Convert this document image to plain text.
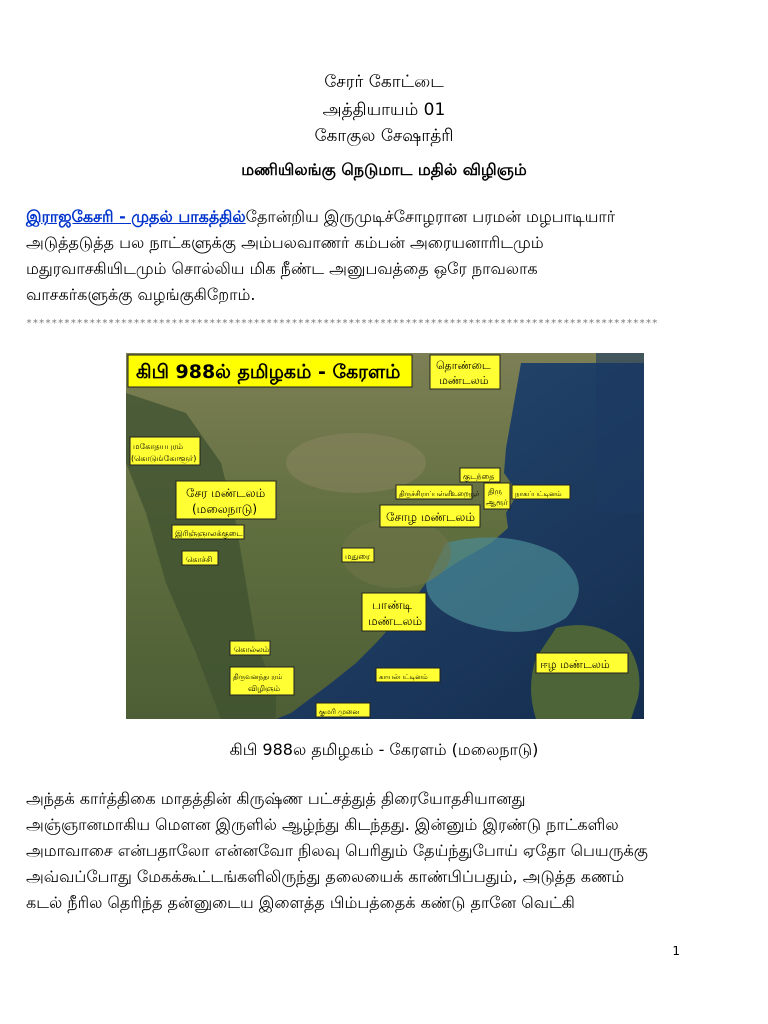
சேரர் கோட்டை
அத்தியாயம் 01
கோகுல சேஷாத்ரி
மணியிலங்கு நெடுமாட மதில் விழிஞம்
இராஜகேசரி - முதல் பாகத்தில்தோன்றிய இருமுடிச்சோழரான பரமன் மழபாடியார்
அடுத்தடுத்த பல நாட்களுக்கு அம்பலவாணர் கம்பன் அரையனாரிடமும்
மதுரவாசகியிடமும் சொல்லிய மிக நீண்ட அனுபவத்தை ஒரே நாவலாக
வாசகர்களுக்கு வழங்குகிறோம்.
****************************************************************************************************
கிபி 988ல் தமிழகம் - கேரளம்	தொண்டை
மண்டலம்
மகோதயபுரம்
(கொடுங்கோளூர்)
சேர மண்டலம்
(மலைநாடு)
இரிஞ்ஞாலக்குடை
கொச்சி
குடந்தை
திருச்சிராப்பள்ளி
உறையூர் திரு
ஆரூர்
நாகப்பட்டினம்
சோழ மண்டலம்
மதுரை
பாண்டி
மண்டலம்
கொல்லம்
திருவனந்தபுரம்
விழிஞம்
காயல்பட்டினம்
குமரி முனை
ஈழ மண்டலம்
கிபி 988ல தமிழகம் - கேரளம் (மலைநாடு)
அந்தக் கார்த்திகை மாதத்தின் கிருஷ்ண பட்சத்துத் திரையோதசியானது
அஞ்ஞானமாகிய மௌன இருளில் ஆழ்ந்து கிடந்தது. இன்னும் இரண்டு நாட்களில
அமாவாசை என்பதாலோ என்னவோ நிலவு பெரிதும் தேய்ந்துபோய் ஏதோ பெயருக்கு
அவ்வப்போது மேகக்கூட்டங்களிலிருந்து தலையைக் காண்பிப்பதும், அடுத்த கணம்
கடல் நீரில தெரிந்த தன்னுடைய இளைத்த பிம்பத்தைக் கண்டு தானே வெட்கி
1
